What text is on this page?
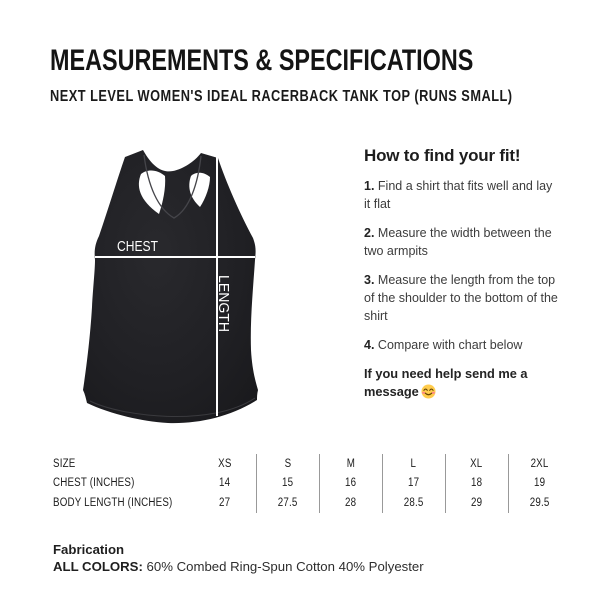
MEASUREMENTS & SPECIFICATIONS
NEXT LEVEL WOMEN'S IDEAL RACERBACK TANK TOP (RUNS SMALL)
CHEST
LENGTH
How to find your fit!

1. Find a shirt that fits well and lay it flat

2. Measure the width between the two armpits

3. Measure the length from the top of the shoulder to the bottom of the shirt

4. Compare with chart below

If you need help send me a message

SIZE	XS	S	M	L	XL	2XL
CHEST (INCHES)	14	15	16	17	18	19
BODY LENGTH (INCHES)	27	27.5	28	28.5	29	29.5
Fabrication
ALL COLORS: 60% Combed Ring-Spun Cotton 40% Polyester
